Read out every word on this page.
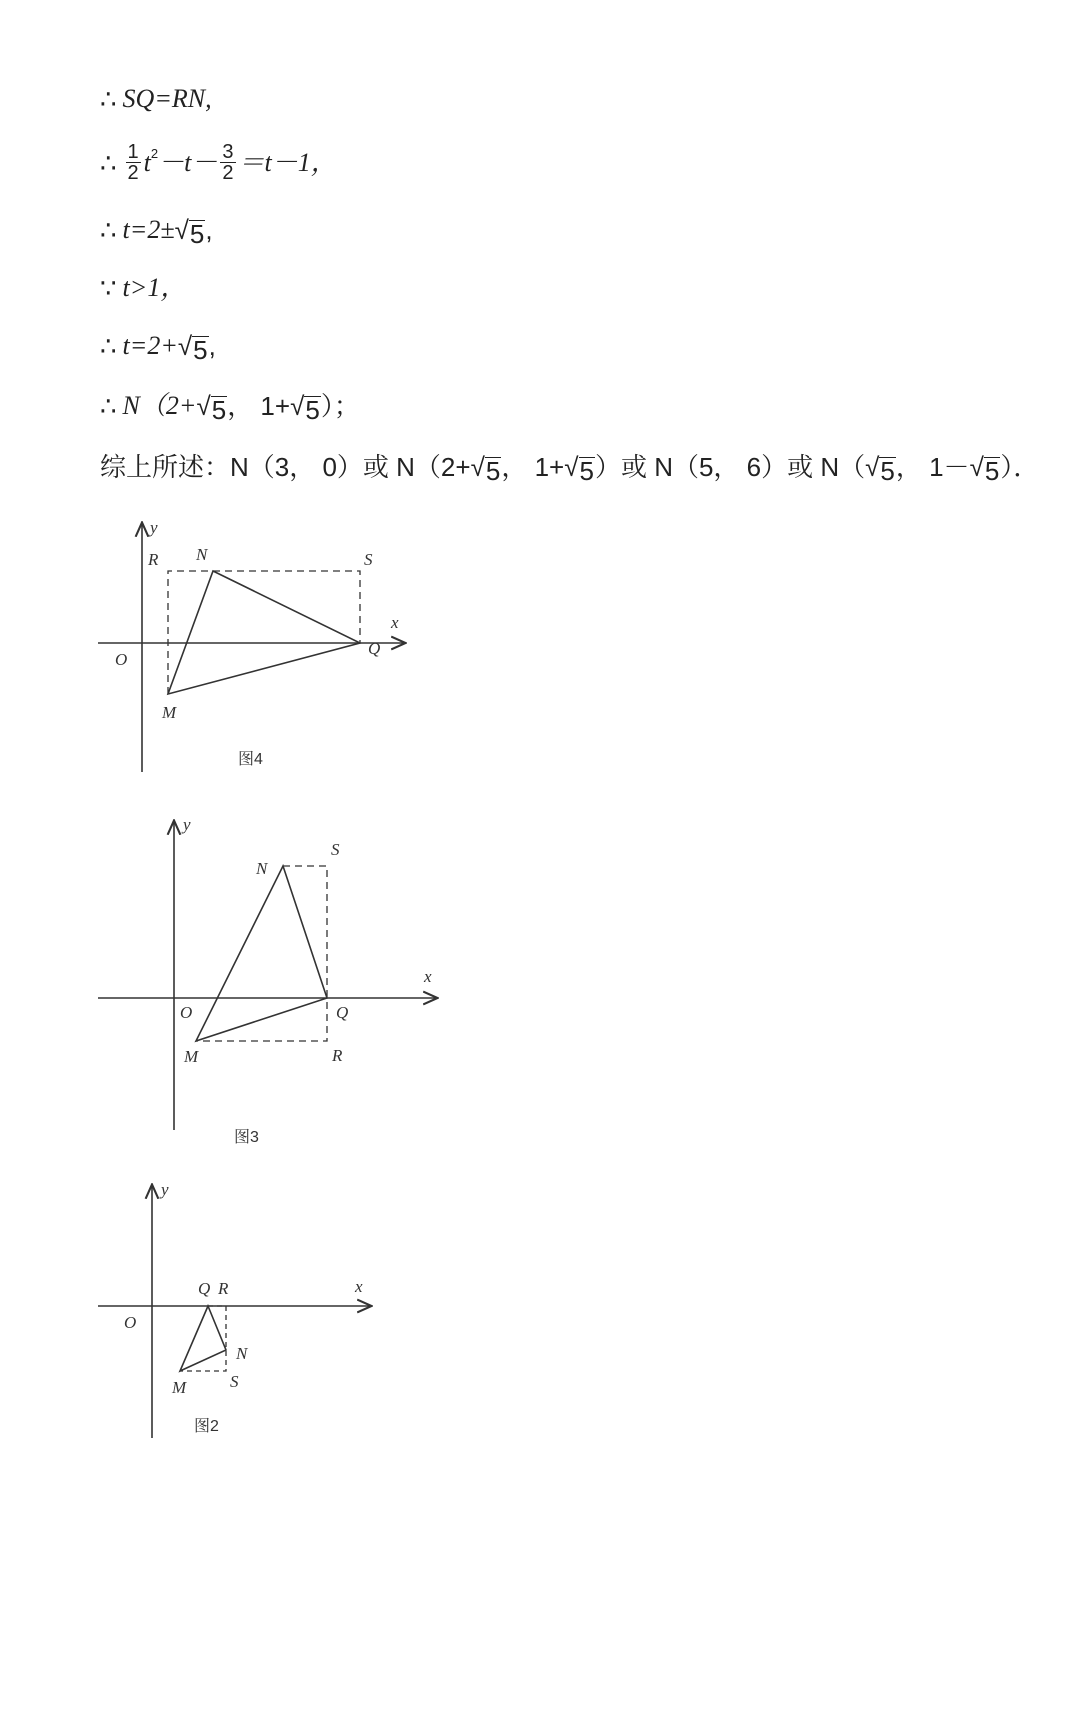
∴ SQ=RN,
∴ $\frac{1}{2}$ t $2 -t- \frac{3}{2} =t-1$，
∴ t=2± √ 5 ,
∵ t>1，
∴ t=2+ √ 5 ,
∴ N（2+ √ 5 ， 1+ √ 5 ）；
综上所述： N（3， 0）或 N（2+ √ 5 ， 1+ √ 5 ）或 N（5， 6）或 N（ √ 5 ， 1－ √ 5 ）．
y
x
O
R N	S
Q
M
图4
y
x
O
N
S
Q
M	R
图3
y
x
O
Q R
N
M	S
图2
